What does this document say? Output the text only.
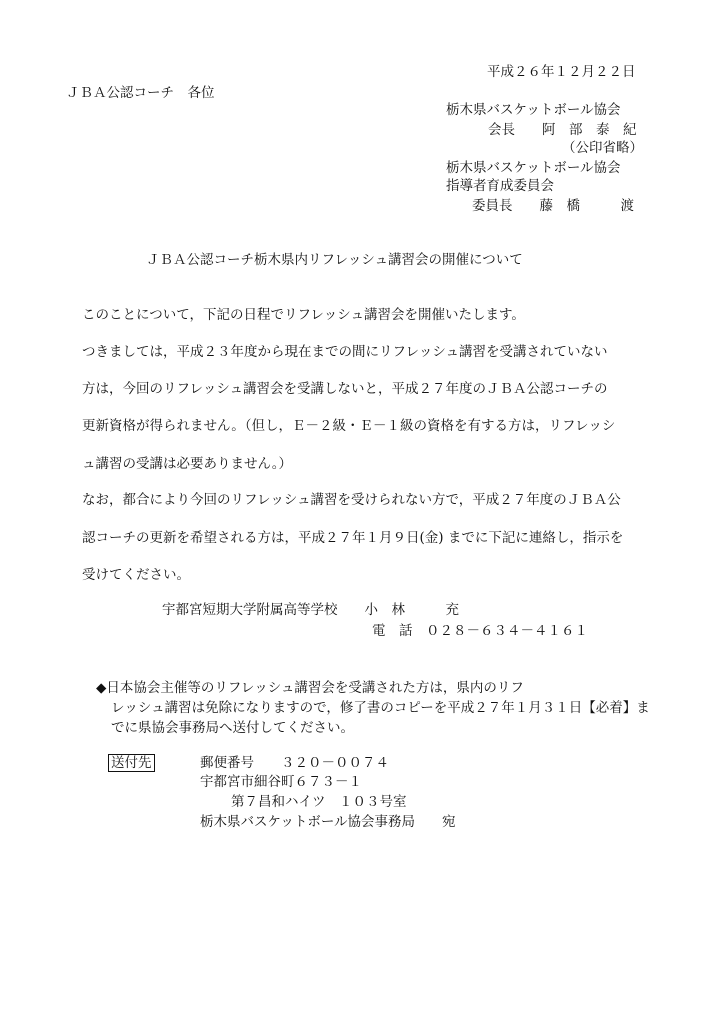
平成２６年１２月２２日
ＪＢＡ公認コーチ　各位
栃木県バスケットボール協会
会長　　阿　部　泰　紀
（公印省略）
栃木県バスケットボール協会
指導者育成委員会
委員長　　藤　橋　　　渡
ＪＢＡ公認コーチ栃木県内リフレッシュ講習会の開催について
このことについて，下記の日程でリフレッシュ講習会を開催いたします。
つきましては，平成２３年度から現在までの間にリフレッシュ講習を受講されていない
方は，今回のリフレッシュ講習会を受講しないと，平成２７年度のＪＢＡ公認コーチの
更新資格が得られません。（但し，Ｅ－２級・Ｅ－１級の資格を有する方は，リフレッシ
ュ講習の受講は必要ありません。）
なお，都合により今回のリフレッシュ講習を受けられない方で，平成２７年度のＪＢＡ公
認コーチの更新を希望される方は，平成２７年１月９日(金) までに下記に連絡し，指示を
受けてください。
宇都宮短期大学附属高等学校　　小　林　　　充
電　話　０２８－６３４－４１６１
◆日本協会主催等のリフレッシュ講習会を受講された方は，県内のリフ
レッシュ講習は免除になりますので，修了書のコピーを平成２７年１月３１日【必着】ま
でに県協会事務局へ送付してください。
送付先	郵便番号　　３２０－００７４
宇都宮市細谷町６７３－１
第７昌和ハイツ　１０３号室
栃木県バスケットボール協会事務局　　宛
